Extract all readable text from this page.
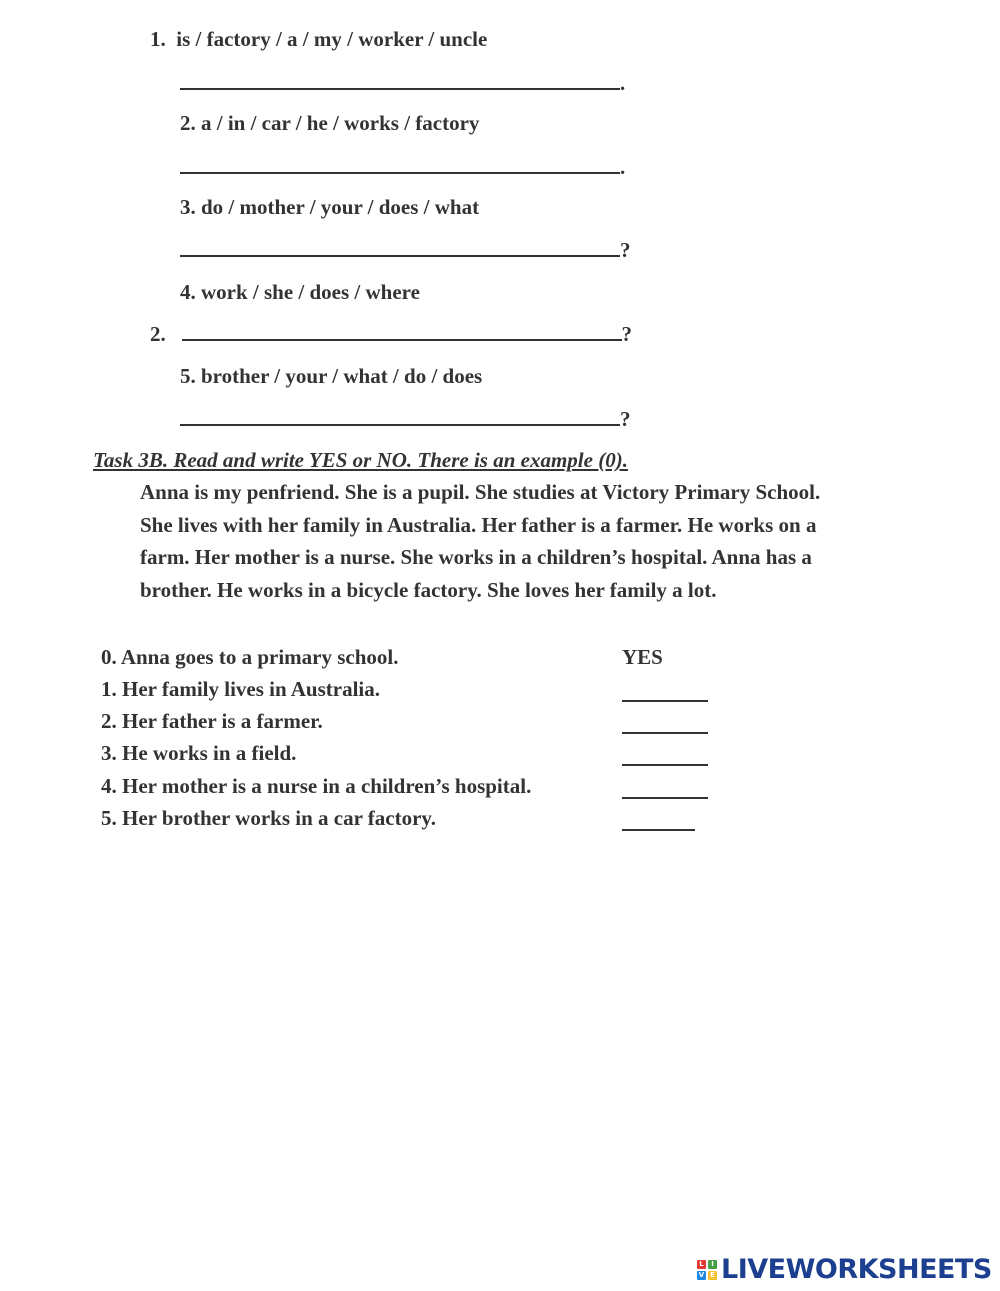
1. is / factory / a / my / worker / uncle
.
2. a / in / car / he / works / factory
.
3. do / mother / your / does / what
?
4. work / she / does / where
2.	?
5. brother / your / what / do / does
?
Task 3B. Read and write YES or NO. There is an example (0).

Anna is my penfriend. She is a pupil. She studies at Victory Primary School.

She lives with her family in Australia. Her father is a farmer. He works on a

farm. Her mother is a nurse. She works in a children’s hospital. Anna has a

brother. He works in a bicycle factory. She loves her family a lot.

0. Anna goes to a primary school.	YES
1. Her family lives in Australia.
2. Her father is a farmer.
3. He works in a field.
4. Her mother is a nurse in a children’s hospital.
5. Her brother works in a car factory.
L	I
V E LIVEWORKSHEETS
